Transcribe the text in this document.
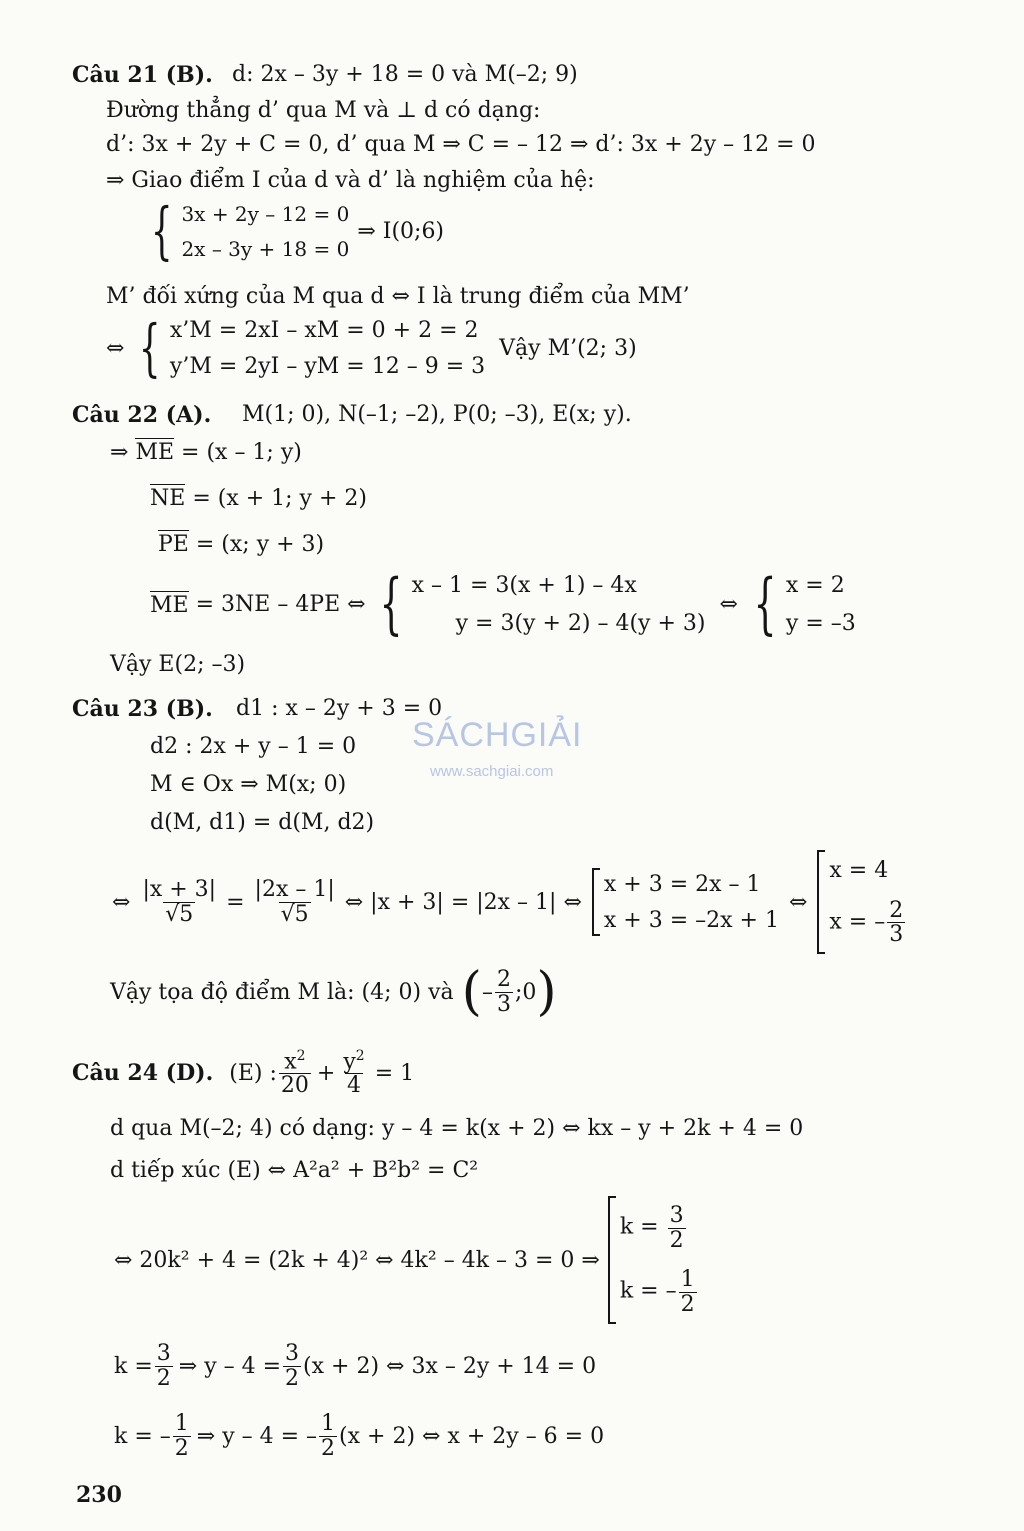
Câu 21 (B). d: 2x – 3y + 18 = 0 và M(–2; 9)
Đường thẳng d’ qua M và ⊥ d có dạng:
d’: 3x + 2y + C = 0, d’ qua M ⇒ C = – 12 ⇒ d’: 3x + 2y – 12 = 0
⇒ Giao điểm I của d và d’ là nghiệm của hệ:
{ 3x + 2y – 12 = 0
2x – 3y + 18 = 0
⇒ I(0;6)
M’ đối xứng của M qua d ⇔ I là trung điểm của MM’
⇔ { x’M = 2xI – xM = 0 + 2 = 2
y’M = 2yI – yM = 12 – 9 = 3
Vậy M’(2; 3)
Câu 22 (A). M(1; 0), N(–1; –2), P(0; –3), E(x; y).
⇒ ME = (x – 1; y)
NE = (x + 1; y + 2)
PE = (x; y + 3)
ME
= 3NE – 4PE ⇔ { x – 1 = 3(x + 1) – 4x
y = 3(y + 2) – 4(y + 3)
⇔ { x = 2
y = –3
Vậy E(2; –3)
Câu 23 (B). d1 : x – 2y + 3 = 0
d2 : 2x + y – 1 = 0
M ∈ Ox ⇒ M(x; 0)
d(M, d1) = d(M, d2)
⇔ $\frac{|x + 3|}{√5} = \frac{|2x - 1|}{√5}$ ⇔ |x + 3| = |2x – 1| ⇔
x + 3 = 2x – 1
x + 3 = –2x + 1
⇔
x = 4
x = – $\frac{2}{3}$
Vậy tọa độ điểm M là: (4; 0) và ( – $\frac{2}{3}$ ;0 )
SÁCHGIẢI
www.sachgiai.com
Câu 24 (D). (E) : $\frac{x^2}{20} + \frac{y^2}{4} = 1$
d qua M(–2; 4) có dạng: y – 4 = k(x + 2) ⇔ kx – y + 2k + 4 = 0
d tiếp xúc (E) ⇔ A²a² + B²b² = C²
⇔ 20k² + 4 = (2k + 4)² ⇔ 4k² – 4k – 3 = 0 ⇒
$k = \frac{3}{2}$
k = – $\frac{1}{2}$
$k = \frac{3}{2}$ ⇒ $y - 4 = \frac{3}{2} (x + 2)$ ⇔ 3x – 2y + 14 = 0
k = – $\frac{1}{2}$ ⇒ y – 4 = – $\frac{1}{2} (x + 2)$ ⇔ x + 2y – 6 = 0
230
